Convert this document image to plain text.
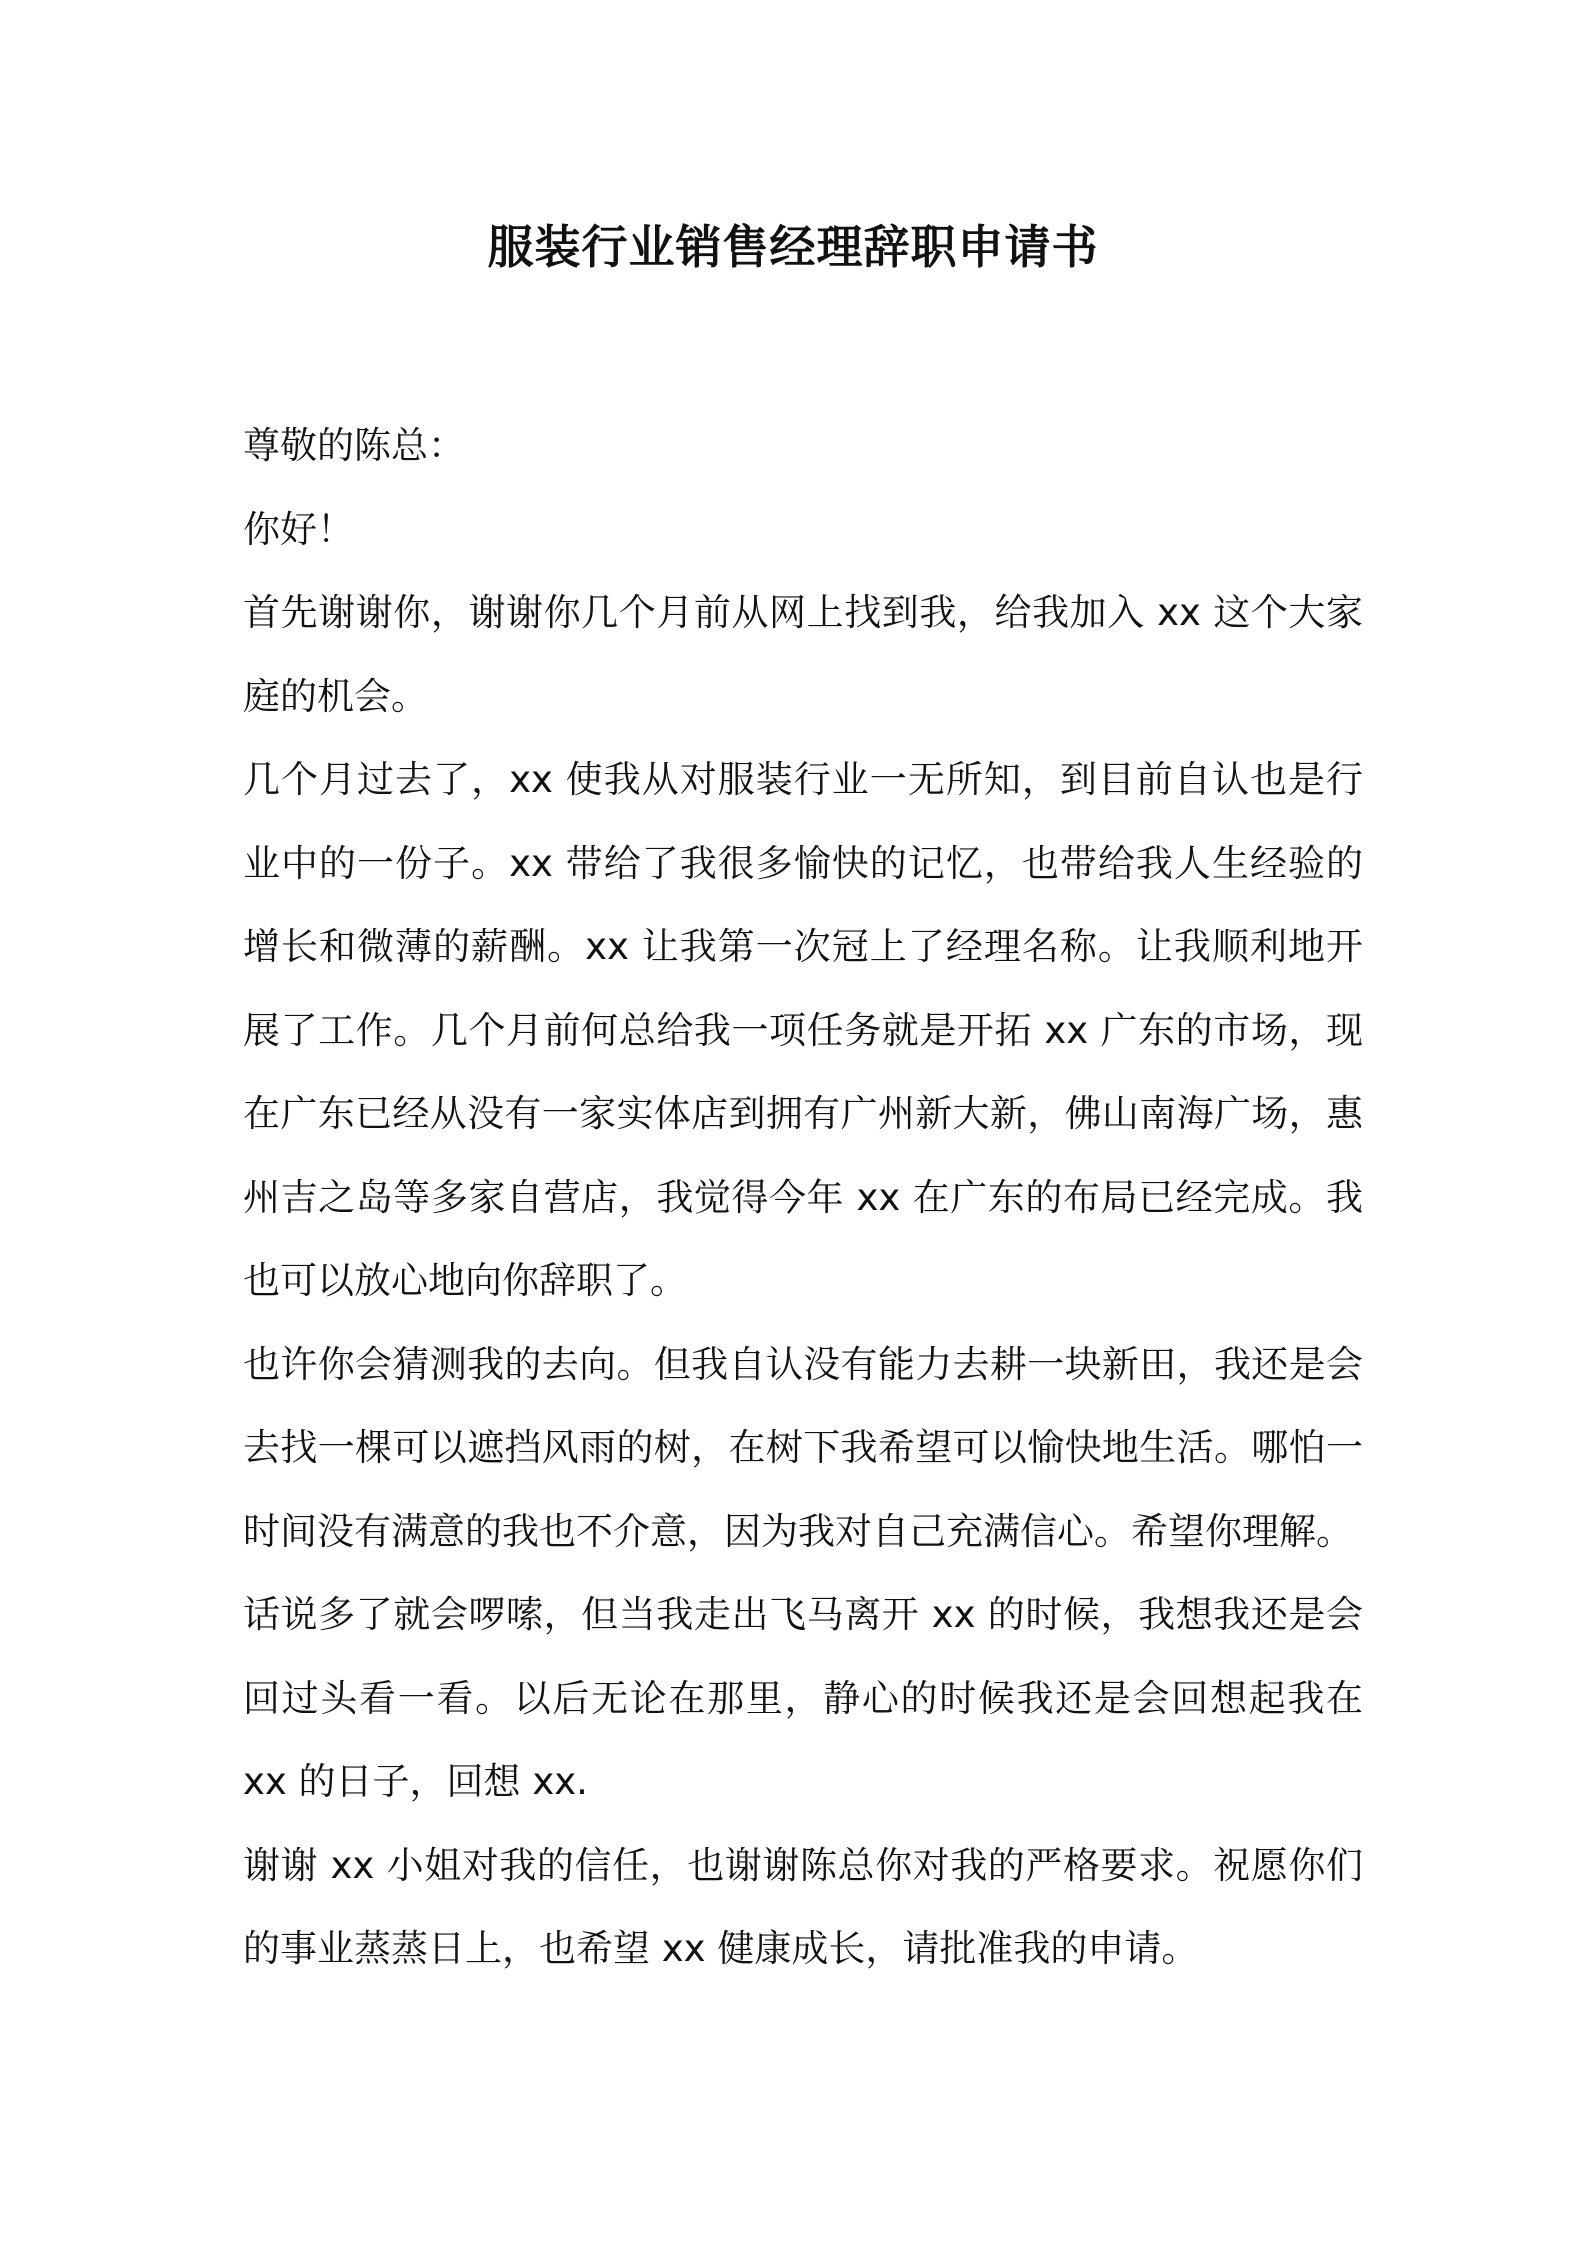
服装行业销售经理辞职申请书

尊敬的陈总：

你好！

首先谢谢你，谢谢你几个月前从网上找到我，给我加入 xx 这个大家庭的机会。

几个月过去了，xx 使我从对服装行业一无所知，到目前自认也是行业中的一份子。xx 带给了我很多愉快的记忆，也带给我人生经验的增长和微薄的薪酬。xx 让我第一次冠上了经理名称。让我顺利地开展了工作。几个月前何总给我一项任务就是开拓 xx 广东的市场，现在广东已经从没有一家实体店到拥有广州新大新，佛山南海广场，惠州吉之岛等多家自营店，我觉得今年 xx 在广东的布局已经完成。我也可以放心地向你辞职了。

也许你会猜测我的去向。但我自认没有能力去耕一块新田，我还是会去找一棵可以遮挡风雨的树，在树下我希望可以愉快地生活。哪怕一时间没有满意的我也不介意，因为我对自己充满信心。希望你理解。

话说多了就会啰嗦，但当我走出飞马离开 xx 的时候，我想我还是会回过头看一看。以后无论在那里，静心的时候我还是会回想起我在 xx 的日子，回想 xx.

谢谢 xx 小姐对我的信任，也谢谢陈总你对我的严格要求。祝愿你们的事业蒸蒸日上，也希望 xx 健康成长，请批准我的申请。
